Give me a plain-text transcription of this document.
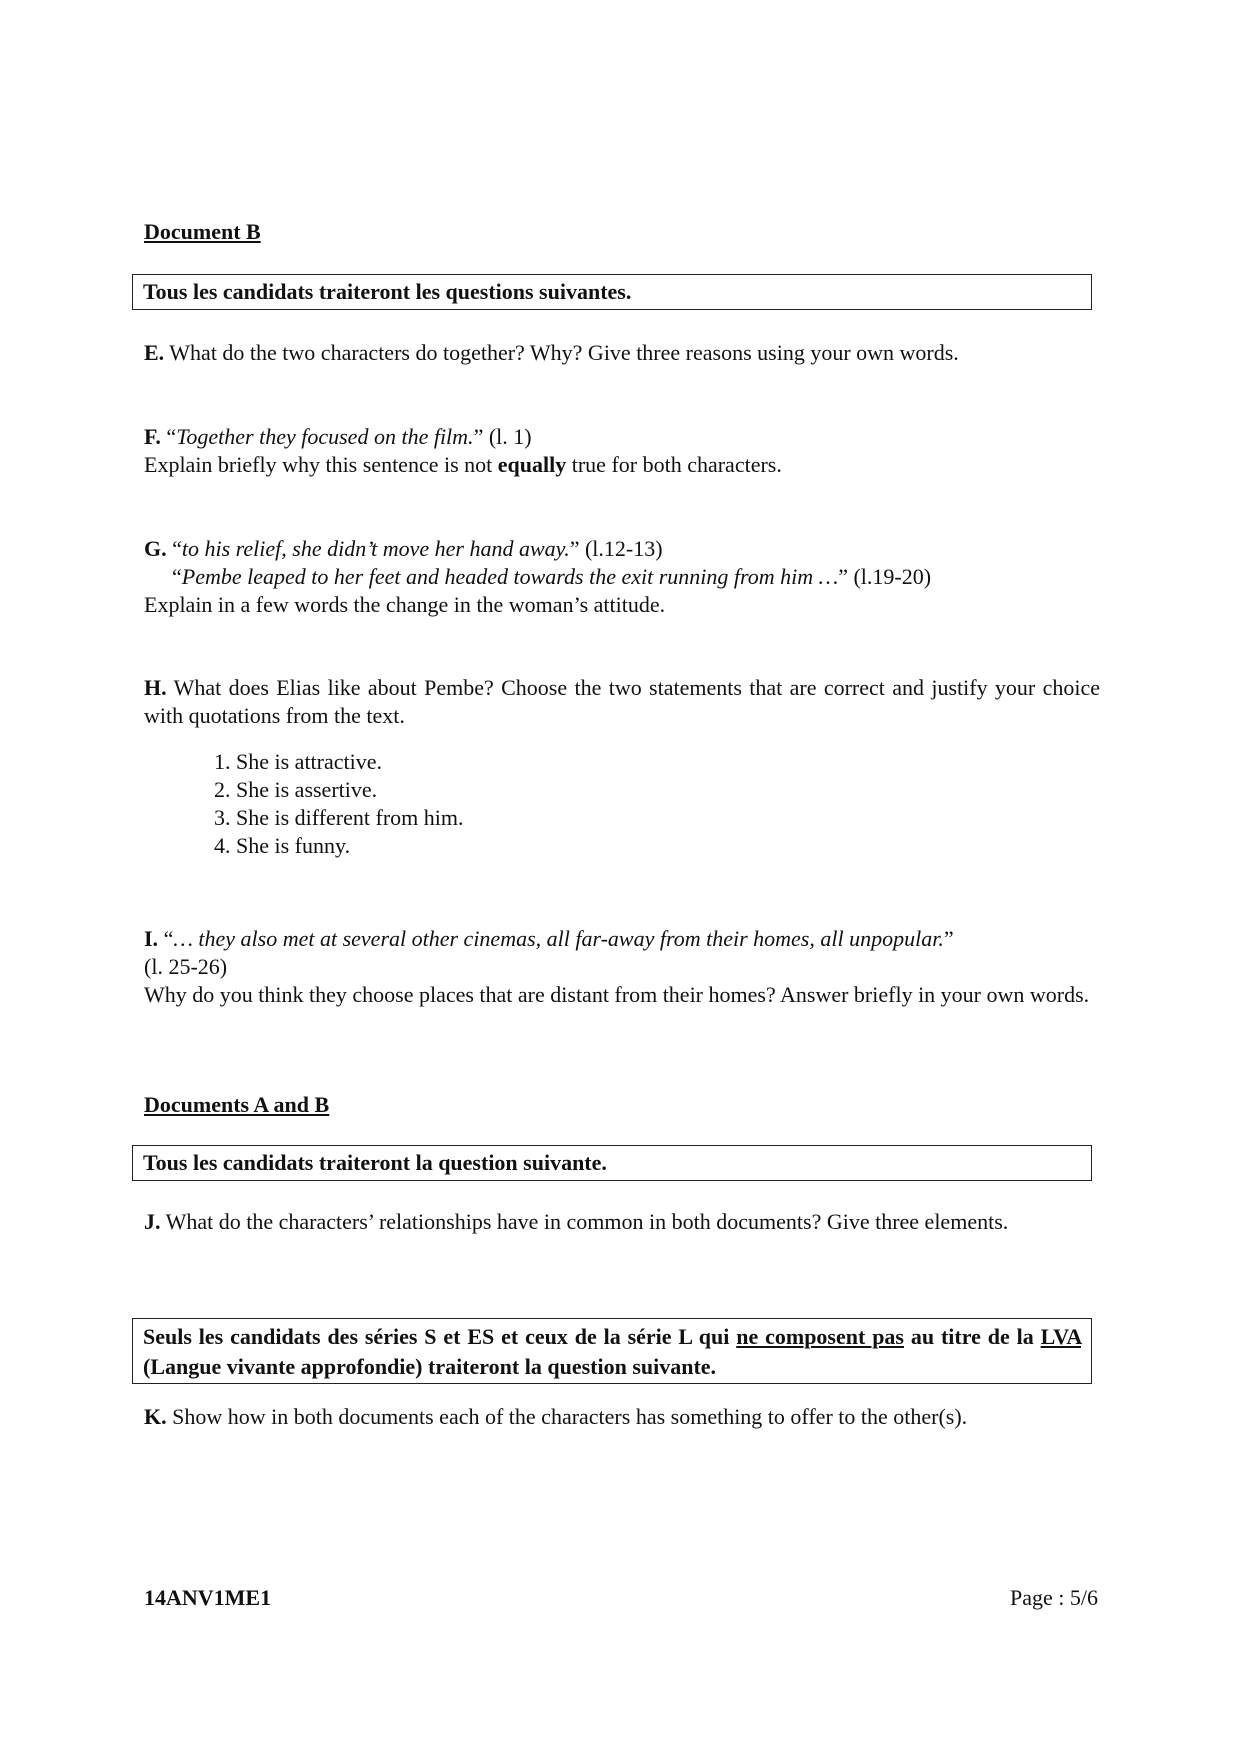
Document B
Tous les candidats traiteront les questions suivantes.
E. What do the two characters do together? Why? Give three reasons using your own words.
F. “Together they focused on the film.” (l. 1)
Explain briefly why this sentence is not equally true for both characters.
G. “to his relief, she didn’t move her hand away.” (l.12-13)
“Pembe leaped to her feet and headed towards the exit running from him …” (l.19-20)
Explain in a few words the change in the woman’s attitude.
H. What does Elias like about Pembe? Choose the two statements that are correct and justify your choice with quotations from the text.
1. She is attractive.
2. She is assertive.
3. She is different from him.
4. She is funny.
I. “… they also met at several other cinemas, all far-away from their homes, all unpopular.”
(l. 25-26)
Why do you think they choose places that are distant from their homes? Answer briefly in your own words.
Documents A and B
Tous les candidats traiteront la question suivante.
J. What do the characters’ relationships have in common in both documents? Give three elements.
Seuls les candidats des séries S et ES et ceux de la série L qui ne composent pas au titre de la LVA (Langue vivante approfondie) traiteront la question suivante.
K. Show how in both documents each of the characters has something to offer to the other(s).
14ANV1ME1	Page : 5/6
